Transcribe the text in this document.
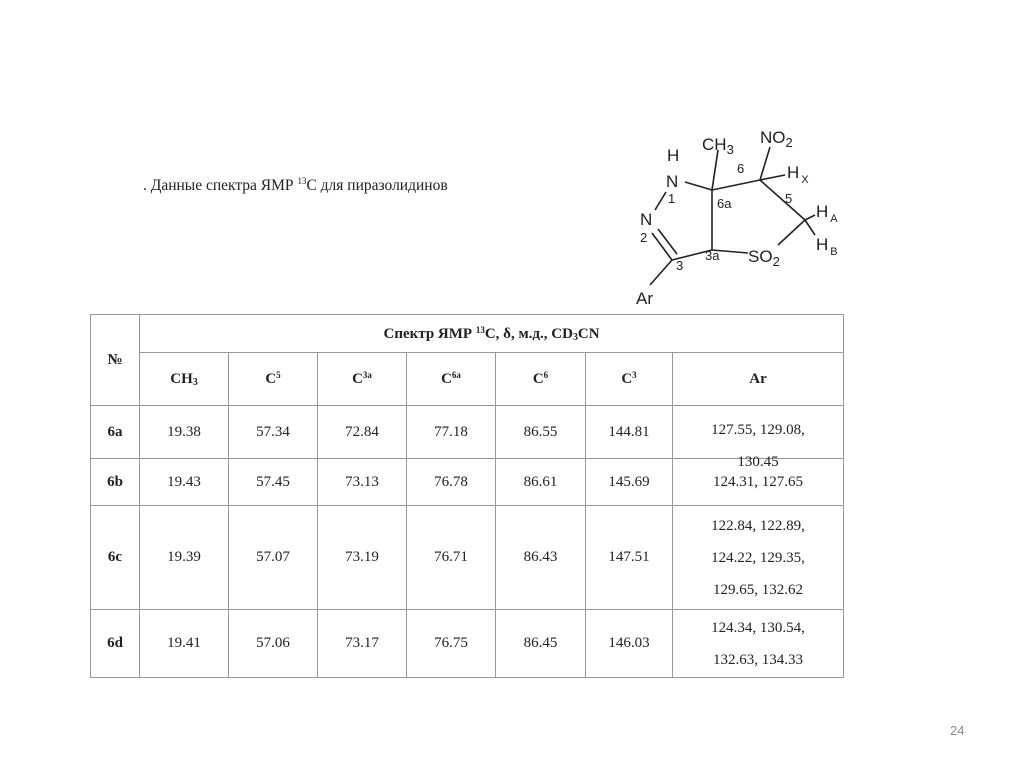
. Данные спектра ЯМР $^{13}$C для пиразолидинов
H
N
N
$CH_3$
$NO_2$
H $_X$
H $_A$
H $_B$
$SO_2$
Ar
1
2
3
3a
5
6
6a
№	Спектр ЯМР $^{13}$C, δ, м.д., $CD_3CN$						
	$CH_3$	$C^5$	$C^{3a}$	$C^{6a}$	$C^6$	$C^3$	Ar
6a	19.38	57.34	72.84	77.18	86.55	144.81	127.55, 129.08,
130.45

6b	19.43	57.45	73.13	76.78	86.61	145.69	124.31, 127.65

6c	19.39	57.07	73.19	76.71	86.43	147.51	122.84, 122.89,
124.22, 129.35,
129.65, 132.62

6d	19.41	57.06	73.17	76.75	86.45	146.03	124.34, 130.54,
132.63, 134.33
24
